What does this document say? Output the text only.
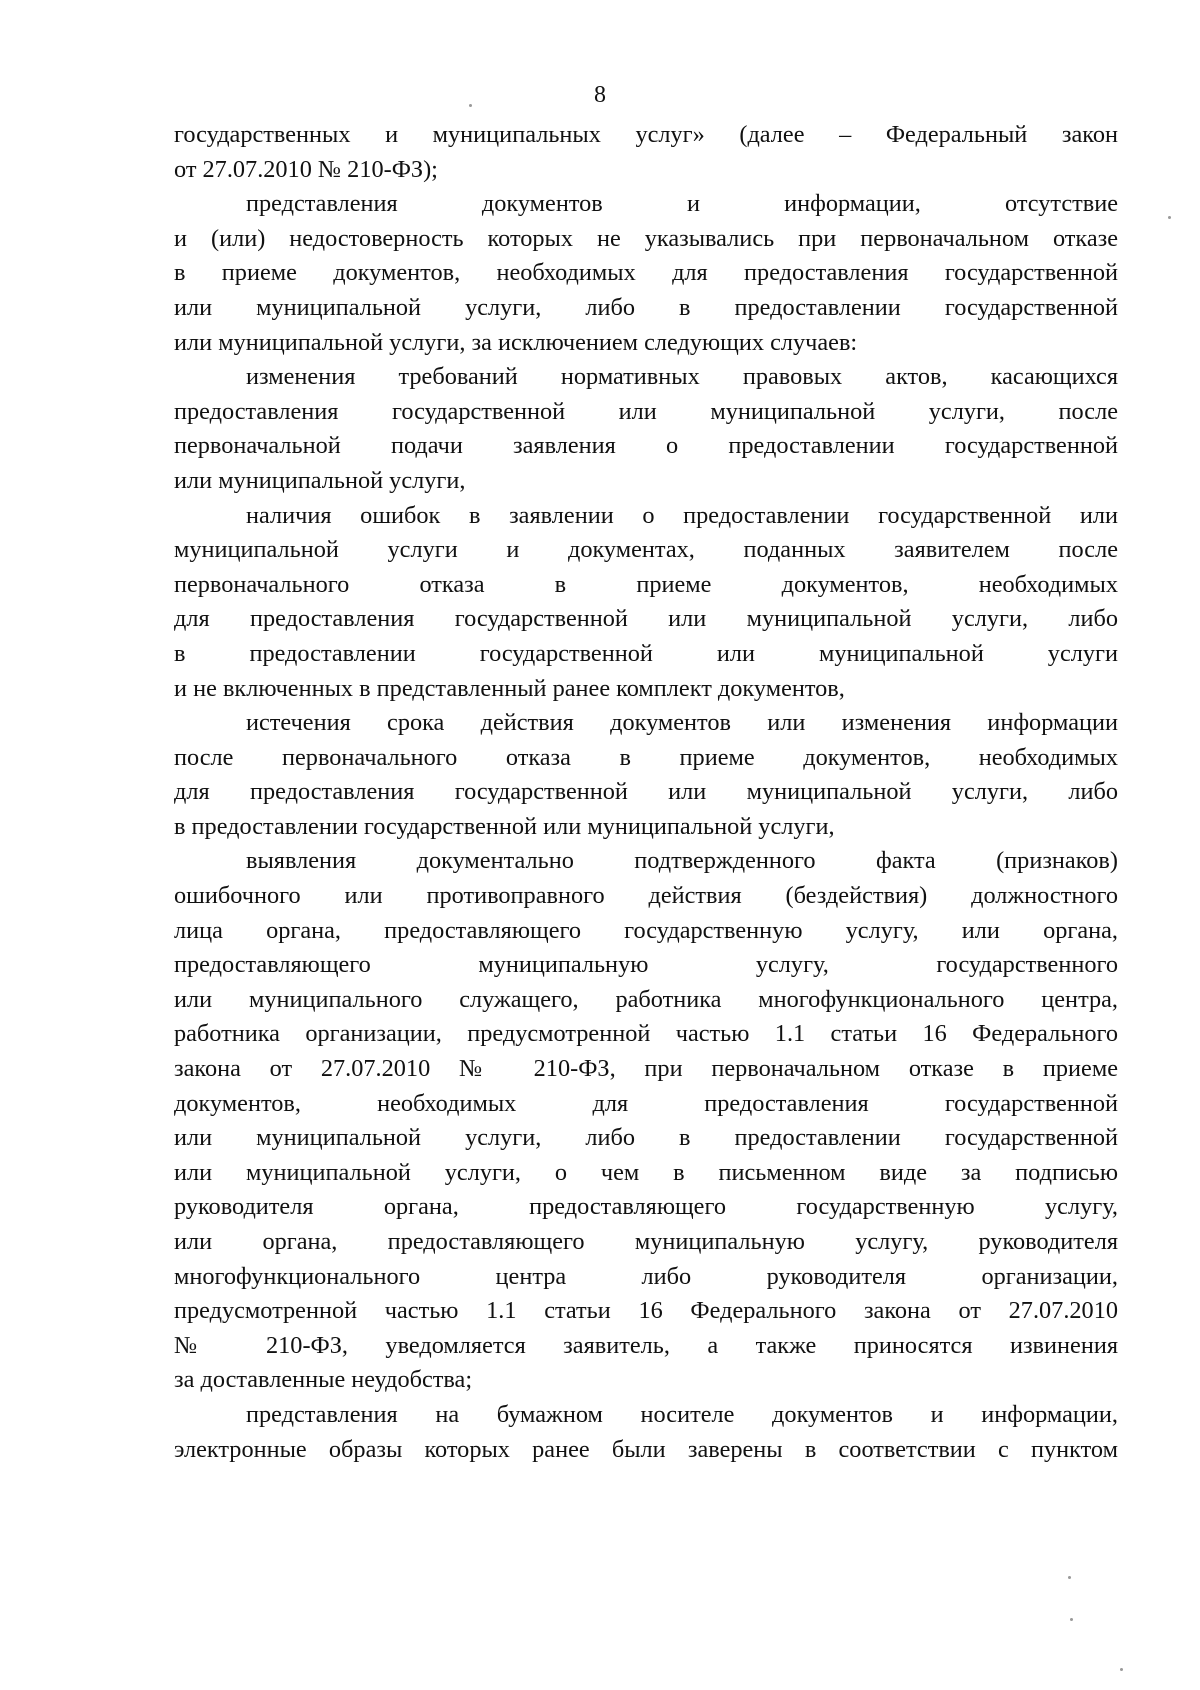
8
государственных и муниципальных услуг» (далее – Федеральный закон
от 27.07.2010 № 210-ФЗ);
представления документов и информации, отсутствие
и (или) недостоверность которых не указывались при первоначальном отказе
в приеме документов, необходимых для предоставления государственной
или муниципальной услуги, либо в предоставлении государственной
или муниципальной услуги, за исключением следующих случаев:
изменения требований нормативных правовых актов, касающихся
предоставления государственной или муниципальной услуги, после
первоначальной подачи заявления о предоставлении государственной
или муниципальной услуги,
наличия ошибок в заявлении о предоставлении государственной или
муниципальной услуги и документах, поданных заявителем после
первоначального отказа в приеме документов, необходимых
для предоставления государственной или муниципальной услуги, либо
в предоставлении государственной или муниципальной услуги
и не включенных в представленный ранее комплект документов,
истечения срока действия документов или изменения информации
после первоначального отказа в приеме документов, необходимых
для предоставления государственной или муниципальной услуги, либо
в предоставлении государственной или муниципальной услуги,
выявления документально подтвержденного факта (признаков)
ошибочного или противоправного действия (бездействия) должностного
лица органа, предоставляющего государственную услугу, или органа,
предоставляющего муниципальную услугу, государственного
или муниципального служащего, работника многофункционального центра,
работника организации, предусмотренной частью 1.1 статьи 16 Федерального
закона от 27.07.2010 № 210-ФЗ, при первоначальном отказе в приеме
документов, необходимых для предоставления государственной
или муниципальной услуги, либо в предоставлении государственной
или муниципальной услуги, о чем в письменном виде за подписью
руководителя органа, предоставляющего государственную услугу,
или органа, предоставляющего муниципальную услугу, руководителя
многофункционального центра либо руководителя организации,
предусмотренной частью 1.1 статьи 16 Федерального закона от 27.07.2010
№ 210-ФЗ, уведомляется заявитель, а также приносятся извинения
за доставленные неудобства;
представления на бумажном носителе документов и информации,
электронные образы которых ранее были заверены в соответствии с пунктом
